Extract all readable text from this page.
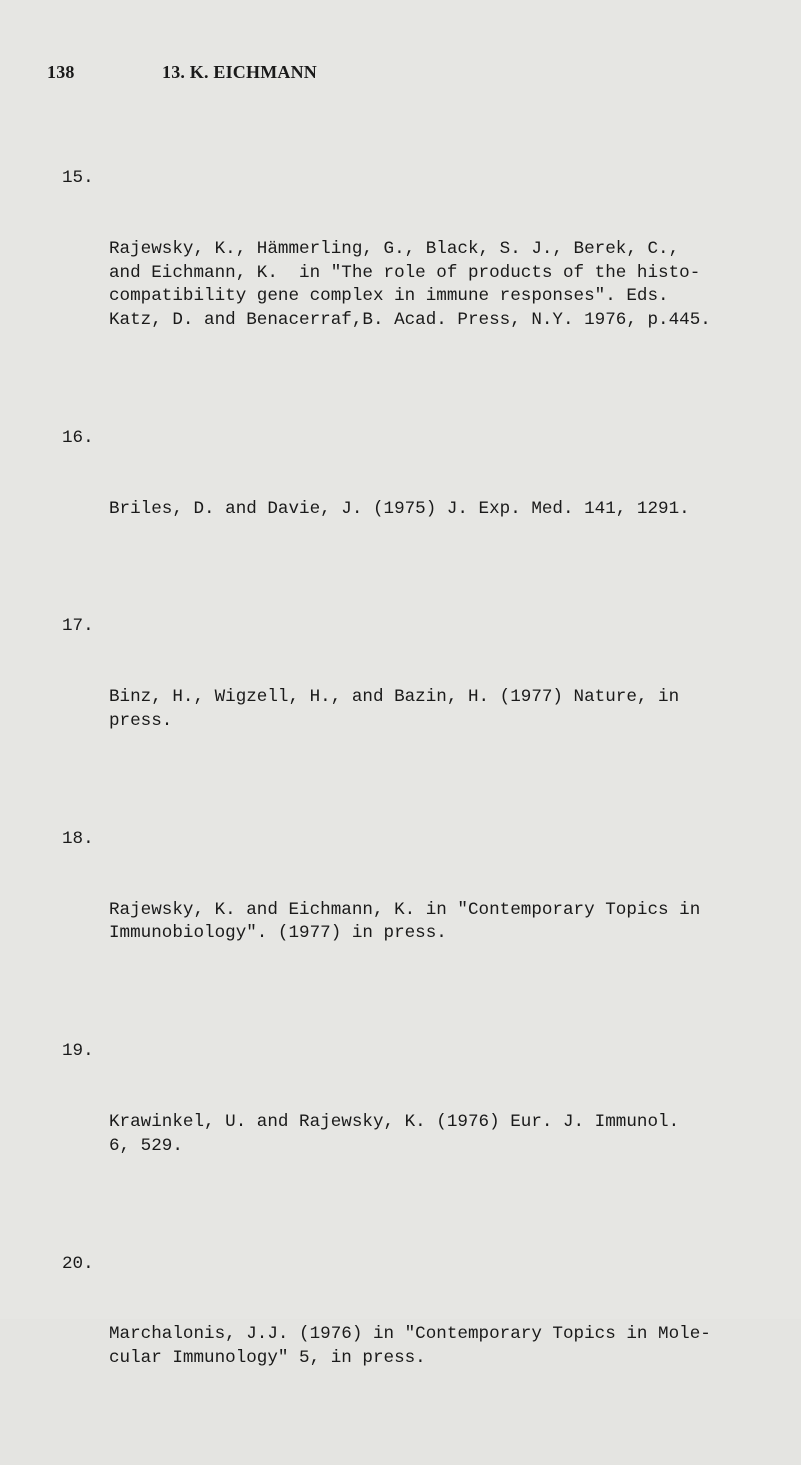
138	13. K. EICHMANN

15.

Rajewsky, K., Hämmerling, G., Black, S. J., Berek, C.,
and Eichmann, K.  in "The role of products of the histo-
compatibility gene complex in immune responses". Eds.
Katz, D. and Benacerraf,B. Acad. Press, N.Y. 1976, p.445.

16.

Briles, D. and Davie, J. (1975) J. Exp. Med. 141, 1291.

17.

Binz, H., Wigzell, H., and Bazin, H. (1977) Nature, in
press.

18.

Rajewsky, K. and Eichmann, K. in "Contemporary Topics in
Immunobiology". (1977) in press.

19.

Krawinkel, U. and Rajewsky, K. (1976) Eur. J. Immunol.
6, 529.

20.

Marchalonis, J.J. (1976) in "Contemporary Topics in Mole-
cular Immunology" 5, in press.
